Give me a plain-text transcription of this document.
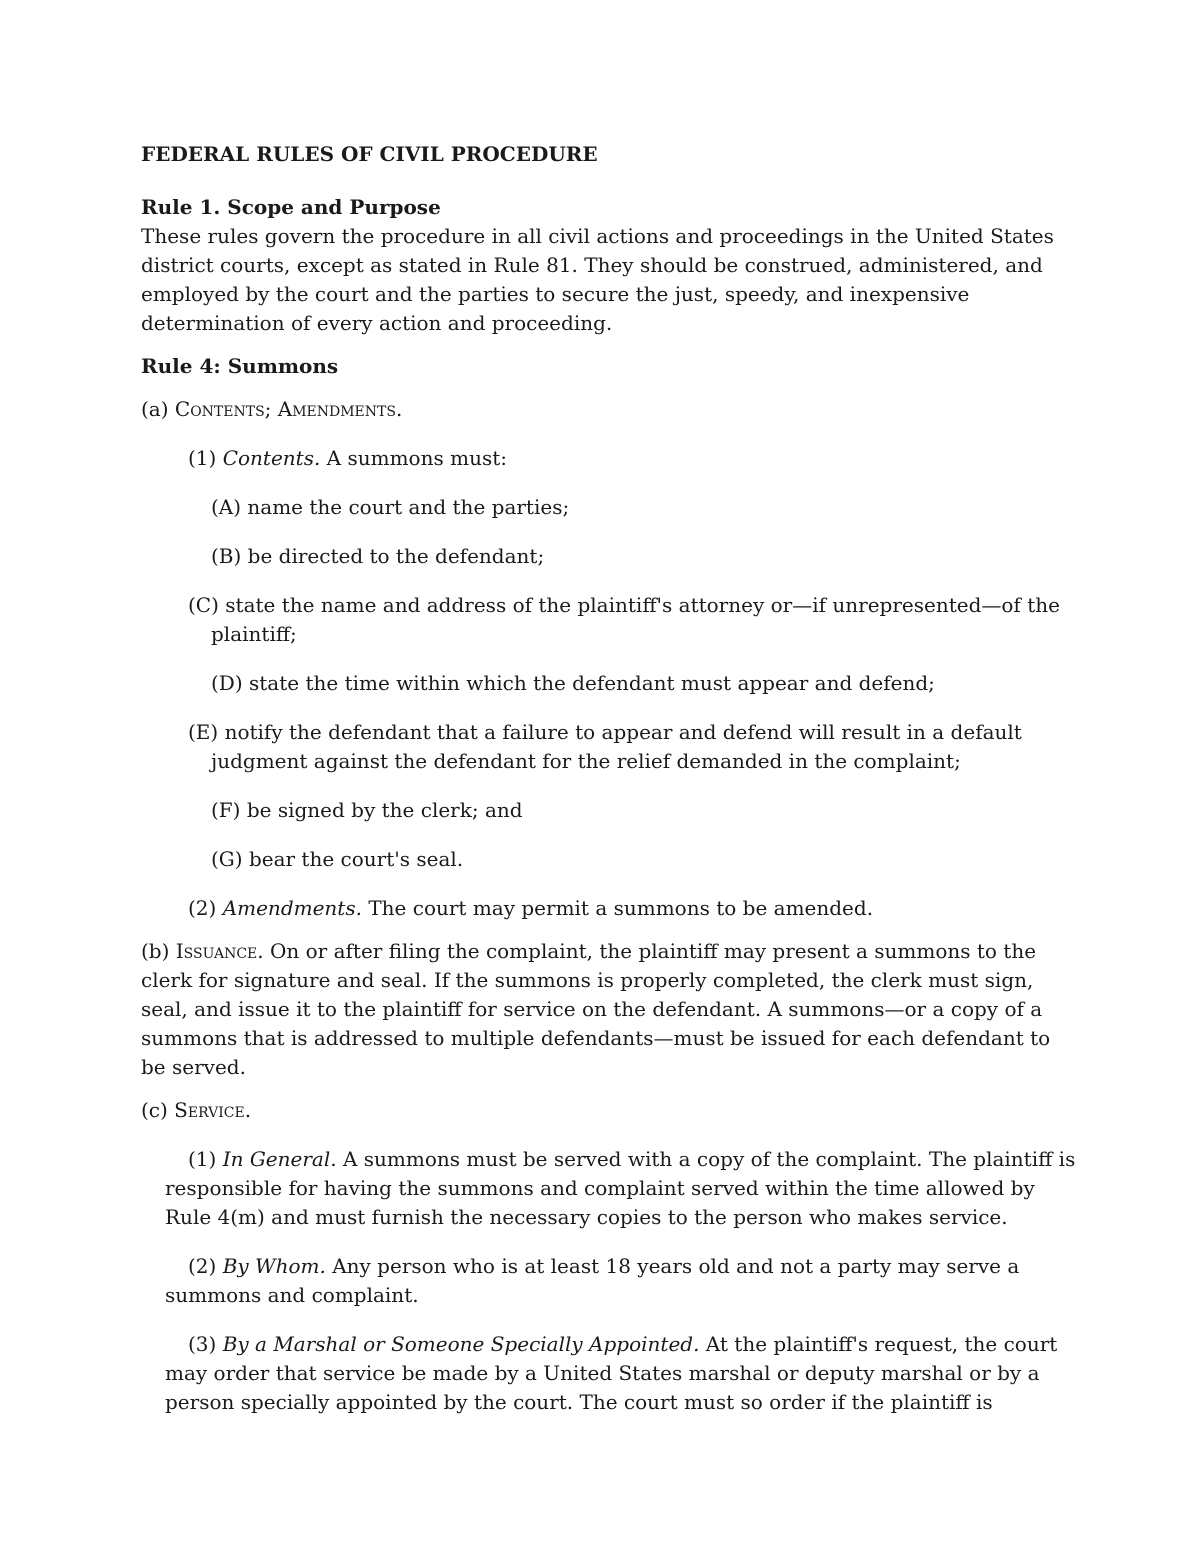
FEDERAL RULES OF CIVIL PROCEDURE

Rule 1. Scope and Purpose

These rules govern the procedure in all civil actions and proceedings in the United States district courts, except as stated in Rule 81. They should be construed, administered, and employed by the court and the parties to secure the just, speedy, and inexpensive determination of every action and proceeding.

Rule 4: Summons

(a) Contents; Amendments.

(1) Contents. A summons must:

(A) name the court and the parties;

(B) be directed to the defendant;

(C) state the name and address of the plaintiff's attorney or—if unrepresented—of the plaintiff;

(D) state the time within which the defendant must appear and defend;

(E) notify the defendant that a failure to appear and defend will result in a default judgment against the defendant for the relief demanded in the complaint;

(F) be signed by the clerk; and

(G) bear the court's seal.

(2) Amendments. The court may permit a summons to be amended.

(b) Issuance. On or after filing the complaint, the plaintiff may present a summons to the clerk for signature and seal. If the summons is properly completed, the clerk must sign, seal, and issue it to the plaintiff for service on the defendant. A summons—or a copy of a summons that is addressed to multiple defendants—must be issued for each defendant to be served.

(c) Service.

(1) In General. A summons must be served with a copy of the complaint. The plaintiff is responsible for having the summons and complaint served within the time allowed by Rule 4(m) and must furnish the necessary copies to the person who makes service.

(2) By Whom. Any person who is at least 18 years old and not a party may serve a summons and complaint.

(3) By a Marshal or Someone Specially Appointed. At the plaintiff's request, the court may order that service be made by a United States marshal or deputy marshal or by a person specially appointed by the court. The court must so order if the plaintiff is
